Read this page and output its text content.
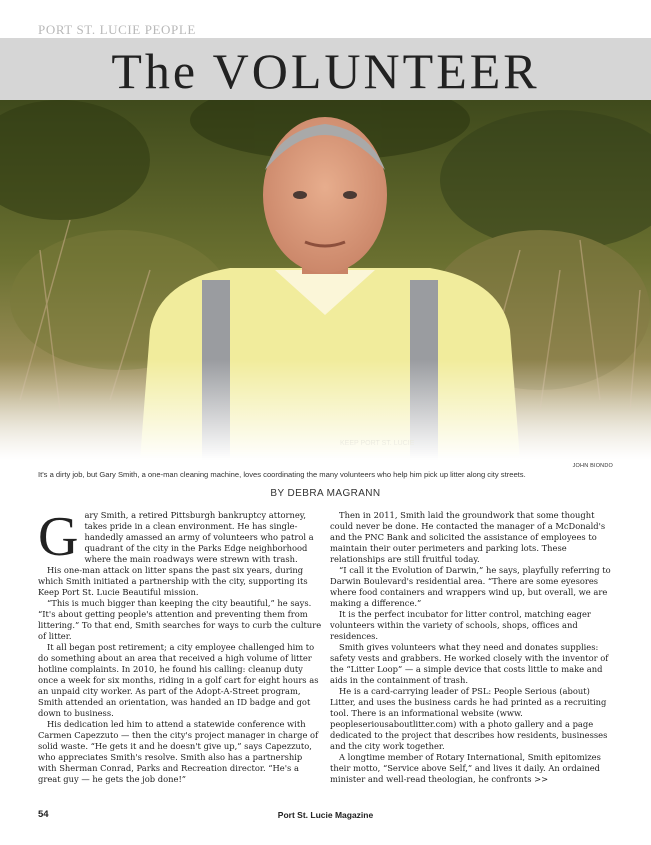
PORT ST. LUCIE PEOPLE
The VOLUNTEER
JOHN BIONDO
It's a dirty job, but Gary Smith, a one-man cleaning machine, loves coordinating the many volunteers who help him pick up litter along city streets.
BY DEBRA MAGRANN
G ary Smith, a retired Pittsburgh bankruptcy attorney, takes pride in a clean environment. He has single-handedly amassed an army of volunteers who patrol a quadrant of the city in the Parks Edge neighborhood where the main roadways were strewn with trash.

His one-man attack on litter spans the past six years, during which Smith initiated a partnership with the city, supporting its Keep Port St. Lucie Beautiful mission.

“This is much bigger than keeping the city beautiful,” he says. “It's about getting people's attention and preventing them from littering.” To that end, Smith searches for ways to curb the culture of litter.

It all began post retirement; a city employee challenged him to do something about an area that received a high volume of litter hotline complaints. In 2010, he found his calling: cleanup duty once a week for six months, riding in a golf cart for eight hours as an unpaid city worker. As part of the Adopt-A-Street program, Smith attended an orientation, was handed an ID badge and got down to business.

His dedication led him to attend a statewide conference with Carmen Capezzuto — then the city's project manager in charge of solid waste. “He gets it and he doesn't give up,” says Capezzuto, who appreciates Smith's resolve. Smith also has a partnership with Sherman Conrad, Parks and Recreation director. “He's a great guy — he gets the job done!”

Then in 2011, Smith laid the groundwork that some thought could never be done. He contacted the manager of a McDonald's and the PNC Bank and solicited the assistance of employees to maintain their outer perimeters and parking lots. These relationships are still fruitful today.

“I call it the Evolution of Darwin,” he says, playfully referring to Darwin Boulevard's residential area. “There are some eyesores where food containers and wrappers wind up, but overall, we are making a difference.”

It is the perfect incubator for litter control, matching eager volunteers within the variety of schools, shops, offices and residences.

Smith gives volunteers what they need and donates supplies: safety vests and grabbers. He worked closely with the inventor of the “Litter Loop” — a simple device that costs little to make and aids in the containment of trash.

He is a card-carrying leader of PSL: People Serious (about) Litter, and uses the business cards he had printed as a recruiting tool. There is an informational website (www. peopleseriousaboutlitter.com) with a photo gallery and a page dedicated to the project that describes how residents, businesses and the city work together.

A longtime member of Rotary International, Smith epitomizes their motto, “Service above Self,” and lives it daily. An ordained minister and well-read theologian, he confronts >>

54	Port St. Lucie Magazine
